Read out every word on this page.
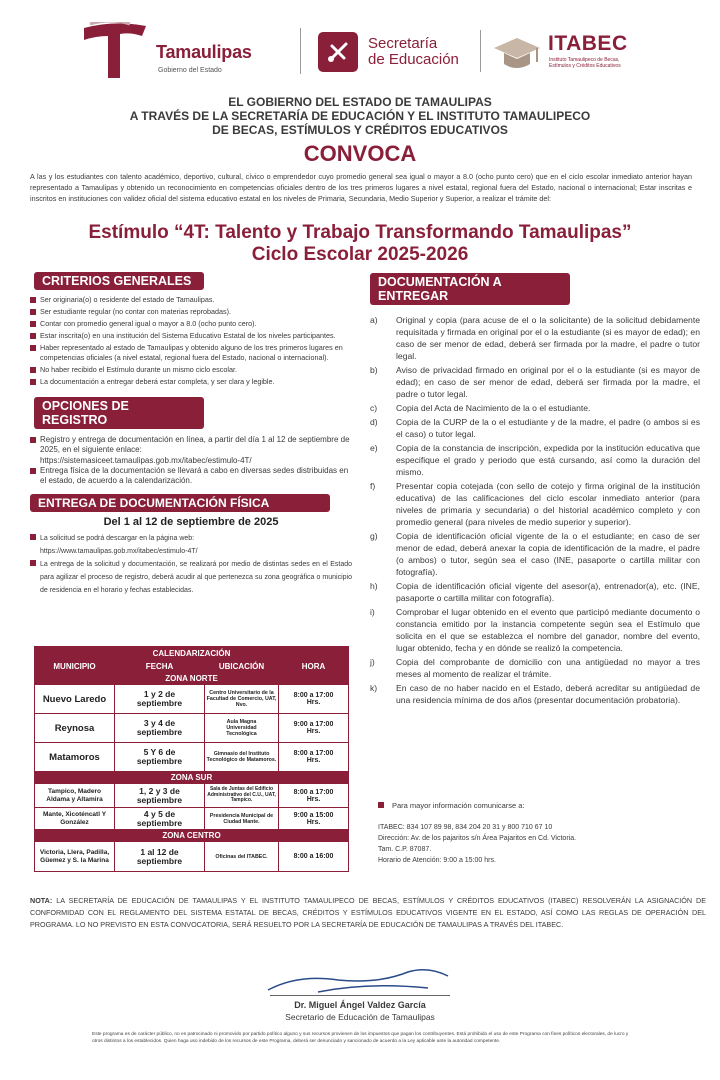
Tamaulipas
Gobierno del Estado
Secretaría
de Educación
ITABEC
Instituto Tamaulipeco de Becas,
Estímulos y Créditos Educativos
EL GOBIERNO DEL ESTADO DE TAMAULIPAS
A TRAVÉS DE LA SECRETARÍA DE EDUCACIÓN Y EL INSTITUTO TAMAULIPECO
DE BECAS, ESTÍMULOS Y CRÉDITOS EDUCATIVOS
CONVOCA
A las y los estudiantes con talento académico, deportivo, cultural, cívico o emprendedor cuyo promedio general sea igual o mayor a 8.0 (ocho punto cero) que en el ciclo escolar inmediato anterior hayan representado a Tamaulipas y obtenido un reconocimiento en competencias oficiales dentro de los tres primeros lugares a nivel estatal, regional fuera del Estado, nacional o internacional; Estar inscritas e inscritos en instituciones con validez oficial del sistema educativo estatal en los niveles de Primaria, Secundaria, Medio Superior y Superior, a realizar el trámite del:
Estímulo “4T: Talento y Trabajo Transformando Tamaulipas”
Ciclo Escolar 2025-2026
CRITERIOS GENERALES
Ser originaria(o) o residente del estado de Tamaulipas.
Ser estudiante regular (no contar con materias reprobadas).
Contar con promedio general igual o mayor a 8.0 (ocho punto cero).
Estar inscrita(o) en una institución del Sistema Educativo Estatal de los niveles participantes.
Haber representado al estado de Tamaulipas y obtenido alguno de los tres primeros lugares en competencias oficiales (a nivel estatal, regional fuera del Estado, nacional o internacional).
No haber recibido el Estímulo durante un mismo ciclo escolar.
La documentación a entregar deberá estar completa, y ser clara y legible.
OPCIONES DE REGISTRO
Registro y entrega de documentación en línea, a partir del día 1 al 12 de septiembre de 2025, en el siguiente enlace:
https://sistemasiceet.tamaulipas.gob.mx/itabec/estimulo-4T/
Entrega física de la documentación se llevará a cabo en diversas sedes distribuidas en el estado, de acuerdo a la calendarización.
ENTREGA DE DOCUMENTACIÓN FÍSICA
Del 1 al 12 de septiembre de 2025
La solicitud se podrá descargar en la página web:
https://www.tamaulipas.gob.mx/itabec/estimulo-4T/
La entrega de la solicitud y documentación, se realizará por medio de distintas sedes en el Estado para agilizar el proceso de registro, deberá acudir al que pertenezca su zona geográfica o municipio de residencia en el horario y fechas establecidas.
CALENDARIZACIÓN			
MUNICIPIO	FECHA	UBICACIÓN	HORA
ZONA NORTE			
Nuevo Laredo	1 y 2 de septiembre	Centro Universitario de la Facultad de Comercio, UAT, Nvo.	8:00 a 17:00 Hrs.
Reynosa	3 y 4 de septiembre	Aula Magna Universidad Tecnológica	9:00 a 17:00 Hrs.
Matamoros	5 Y 6 de septiembre	Gimnasio del Instituto Tecnológico de Matamoros.	8:00 a 17:00 Hrs.
ZONA SUR			
Tampico, Madero Aldama y Altamira	1, 2 y 3 de septiembre	Sala de Juntas del Edificio Administrativo del C.U., UAT, Tampico.	8:00 a 17:00 Hrs.
Mante, Xicoténcatl Y González	4 y 5 de septiembre	Presidencia Municipal de Ciudad Mante.	9:00 a 15:00 Hrs.
ZONA CENTRO			
Victoria, Llera, Padilla, Güemez y S. la Marina	1 al 12 de septiembre	Oficinas del ITABEC.	8:00 a 16:00
DOCUMENTACIÓN A ENTREGAR
a) Original y copia (para acuse de el o la solicitante) de la solicitud debidamente requisitada y firmada en original por el o la estudiante (si es mayor de edad); en caso de ser menor de edad, deberá ser firmada por la madre, el padre o tutor legal.
b) Aviso de privacidad firmado en original por el o la estudiante (si es mayor de edad); en caso de ser menor de edad, deberá ser firmada por la madre, el padre o tutor legal.
c) Copia del Acta de Nacimiento de la o el estudiante.
d) Copia de la CURP de la o el estudiante y de la madre, el padre (o ambos si es el caso) o tutor legal.
e) Copia de la constancia de inscripción, expedida por la institución educativa que especifique el grado y periodo que está cursando, así como la duración del mismo.
f) Presentar copia cotejada (con sello de cotejo y firma original de la institución educativa) de las calificaciones del ciclo escolar inmediato anterior (para niveles de primaria y secundaria) o del historial académico completo y con promedio general (para niveles de medio superior y superior).
g) Copia de identificación oficial vigente de la o el estudiante; en caso de ser menor de edad, deberá anexar la copia de identificación de la madre, el padre (o ambos) o tutor, según sea el caso (INE, pasaporte o cartilla militar con fotografía).
h) Copia de identificación oficial vigente del asesor(a), entrenador(a), etc. (INE, pasaporte o cartilla militar con fotografía).
i) Comprobar el lugar obtenido en el evento que participó mediante documento o constancia emitido por la instancia competente según sea el Estímulo que solicita en el que se establezca el nombre del ganador, nombre del evento, lugar obtenido, fecha y en dónde se realizó la competencia.
j) Copia del comprobante de domicilio con una antigüedad no mayor a tres meses al momento de realizar el trámite.
k) En caso de no haber nacido en el Estado, deberá acreditar su antigüedad de una residencia mínima de dos años (presentar documentación probatoria).
Para mayor información comunicarse a:
ITABEC: 834 107 89 98, 834 204 20 31 y 800 710 67 10
Dirección: Av. de los pajaritos s/n Área Pajaritos en Cd. Victoria.
Tam. C.P. 87087.
Horario de Atención: 9:00 a 15:00 hrs.
NOTA: LA SECRETARÍA DE EDUCACIÓN DE TAMAULIPAS Y EL INSTITUTO TAMAULIPECO DE BECAS, ESTÍMULOS Y CRÉDITOS EDUCATIVOS (ITABEC) RESOLVERÁN LA ASIGNACIÓN DE CONFORMIDAD CON EL REGLAMENTO DEL SISTEMA ESTATAL DE BECAS, CRÉDITOS Y ESTÍMULOS EDUCATIVOS VIGENTE EN EL ESTADO, ASÍ COMO LAS REGLAS DE OPERACIÓN DEL PROGRAMA. LO NO PREVISTO EN ESTA CONVOCATORIA, SERÁ RESUELTO POR LA SECRETARÍA DE EDUCACIÓN DE TAMAULIPAS A TRAVÉS DEL ITABEC.
Dr. Miguel Ángel Valdez García
Secretario de Educación de Tamaulipas
Este programa es de carácter público, no es patrocinado ni promovido por partido político alguno y sus recursos provienen de los impuestos que pagan los contribuyentes. Está prohibido el uso de este Programa con fines políticos electorales, de lucro y otros distintos a los establecidos. Quien haga uso indebido de los recursos de este Programa, deberá ser denunciado y sancionado de acuerdo a la Ley aplicable ante la autoridad competente.
